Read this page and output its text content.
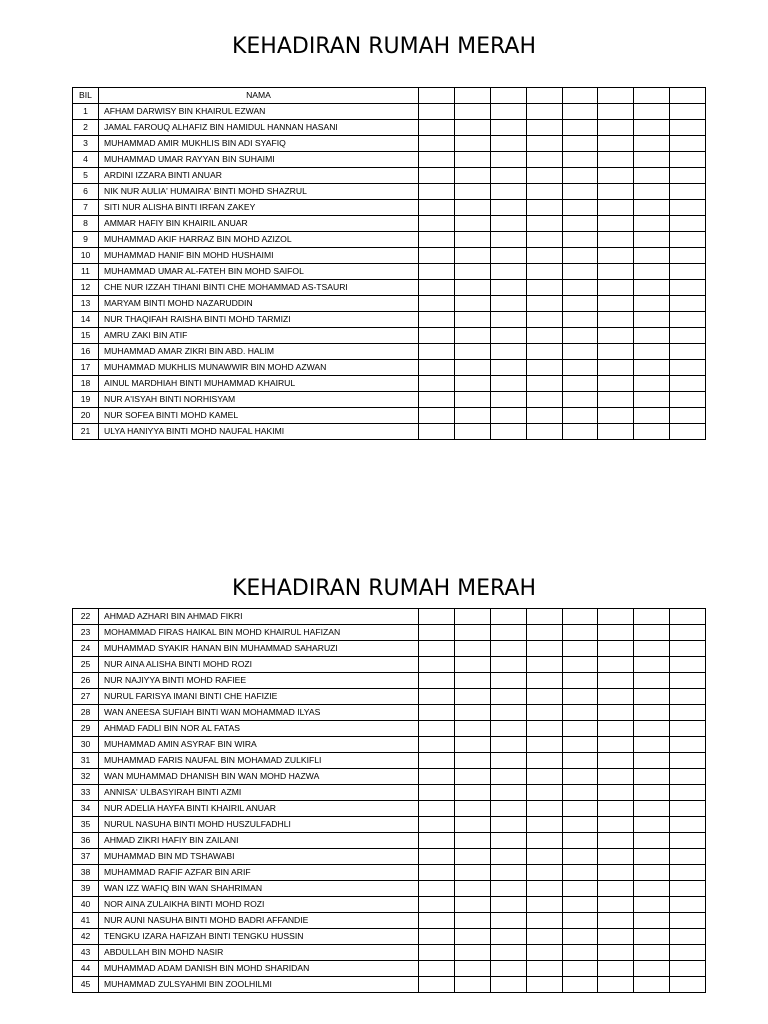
KEHADIRAN RUMAH MERAH
BIL	NAMA								
1	AFHAM DARWISY BIN KHAIRUL EZWAN								
2	JAMAL FAROUQ ALHAFIZ BIN HAMIDUL HANNAN HASANI								
3	MUHAMMAD AMIR MUKHLIS BIN ADI SYAFIQ								
4	MUHAMMAD UMAR RAYYAN BIN SUHAIMI								
5	ARDINI IZZARA BINTI ANUAR								
6	NIK NUR AULIA' HUMAIRA' BINTI MOHD SHAZRUL								
7	SITI NUR ALISHA BINTI IRFAN ZAKEY								
8	AMMAR HAFIY BIN KHAIRIL ANUAR								
9	MUHAMMAD AKIF HARRAZ BIN MOHD AZIZOL								
10	MUHAMMAD HANIF BIN MOHD HUSHAIMI								
11	MUHAMMAD UMAR AL-FATEH BIN MOHD SAIFOL								
12	CHE NUR IZZAH TIHANI BINTI CHE MOHAMMAD AS-TSAURI								
13	MARYAM BINTI MOHD NAZARUDDIN								
14	NUR THAQIFAH RAISHA BINTI MOHD TARMIZI								
15	AMRU ZAKI BIN ATIF								
16	MUHAMMAD AMAR ZIKRI BIN ABD. HALIM								
17	MUHAMMAD MUKHLIS MUNAWWIR BIN MOHD AZWAN								
18	AINUL MARDHIAH BINTI MUHAMMAD KHAIRUL								
19	NUR A'ISYAH BINTI NORHISYAM								
20	NUR SOFEA BINTI MOHD KAMEL								
21	ULYA HANIYYA BINTI MOHD NAUFAL HAKIMI								
KEHADIRAN RUMAH MERAH
22	AHMAD AZHARI BIN AHMAD FIKRI								
23	MOHAMMAD FIRAS HAIKAL BIN MOHD KHAIRUL HAFIZAN								
24	MUHAMMAD SYAKIR HANAN BIN MUHAMMAD SAHARUZI								
25	NUR AINA ALISHA BINTI MOHD ROZI								
26	NUR NAJIYYA BINTI MOHD RAFIEE								
27	NURUL FARISYA IMANI BINTI CHE HAFIZIE								
28	WAN ANEESA SUFIAH BINTI WAN MOHAMMAD ILYAS								
29	AHMAD FADLI BIN NOR AL FATAS								
30	MUHAMMAD AMIN ASYRAF BIN WIRA								
31	MUHAMMAD FARIS NAUFAL BIN MOHAMAD ZULKIFLI								
32	WAN MUHAMMAD DHANISH BIN WAN MOHD HAZWA								
33	ANNISA' ULBASYIRAH BINTI AZMI								
34	NUR ADELIA HAYFA BINTI KHAIRIL ANUAR								
35	NURUL NASUHA BINTI MOHD HUSZULFADHLI								
36	AHMAD ZIKRI HAFIY BIN ZAILANI								
37	MUHAMMAD BIN MD TSHAWABI								
38	MUHAMMAD RAFIF AZFAR BIN ARIF								
39	WAN IZZ WAFIQ BIN WAN SHAHRIMAN								
40	NOR AINA ZULAIKHA BINTI MOHD ROZI								
41	NUR AUNI NASUHA BINTI MOHD BADRI AFFANDIE								
42	TENGKU IZARA HAFIZAH BINTI TENGKU HUSSIN								
43	ABDULLAH BIN MOHD NASIR								
44	MUHAMMAD ADAM DANISH BIN MOHD SHARIDAN								
45	MUHAMMAD ZULSYAHMI BIN ZOOLHILMI								
